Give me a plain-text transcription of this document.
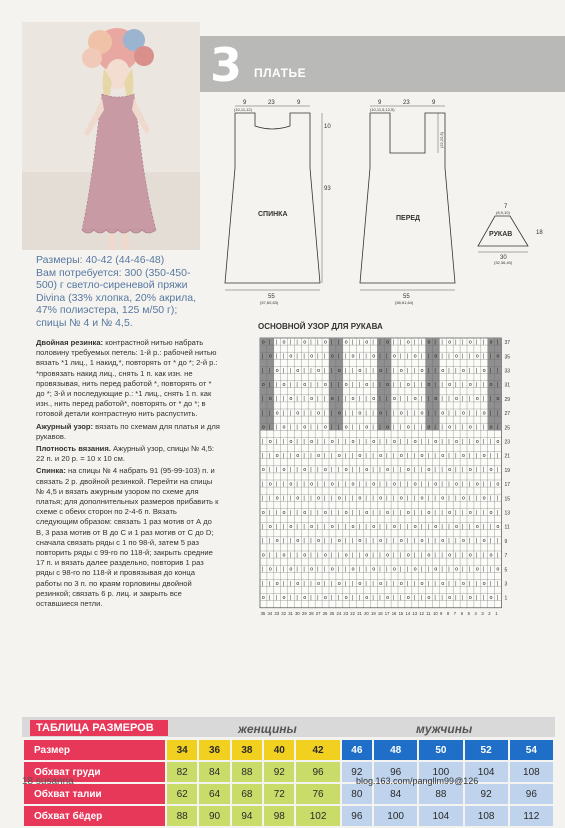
3 ПЛАТЬЕ
9	23	9
(10,11,12)
55
(57,60,63)
10
93
СПИНКА
9	23	9
(10,11,5,12,5)
55
(58,61,64)
(22,22,5)
ПЕРЕД
7
(8,9,10)
30
(32,36,40)
18
РУКАВ
Размеры: 40-42 (44-46-48)
Вам потребуется: 300 (350-450-
500) г светло-сиреневой пряжи
Divina (33% хлопка, 20% акрила,
47% полиэстера, 125 м/50 г);
спицы № 4 и № 4,5.

Двойная резинка: контрастной нитью набрать половину требуемых петель: 1-й р.: рабочей нитью вязать *1 лиц., 1 накид,*, повторять от * до *; 2-й р.: *провязать накид лиц., снять 1 п. как изн. не провязывая, нить перед работой *, повторять от * до *; 3-й и последующие р.: *1 лиц., снять 1 п. как изн., нить перед работой*, повторять от * до *; в готовой детали контрастную нить распустить.

Ажурный узор: вязать по схемам для платья и для рукавов.

Плотность вязания. Ажурный узор, спицы № 4,5: 22 п. и 20 р. = 10 х 10 см.

Спинка: на спицы № 4 набрать 91 (95-99-103) п. и связать 2 р. двойной резинкой. Перейти на спицы № 4,5 и вязать ажурным узором по схеме для платья; для дополнительных размеров прибавить к схеме с обеих сторон по 2-4-6 п. Вязать следующим образом: связать 1 раз мотив от А до В, 3 раза мотив от В до С и 1 раз мотив от С до D; сначала связать ряды с 1 по 98-й, затем 5 раз повторить ряды с 99-го по 118-й; закрыть средние 17 п. и вязать далее раздельно, повторив 1 раз ряды с 98-го по 118-й и провязывая до конца работы по 3 п. по краям горловины двойной резинкой; связать 6 р. лиц. и закрыть все оставшиеся петли.

ОСНОВНОЙ УЗОР ДЛЯ РУКАВА
o | | o | | o | | o | | o | | o | | o | | o | | o | | o | | o | | o |
| o | | o | | o | | o | | o | | o | | o | | o | | o | | o | | o | | o
| | o | | o | | o | | o | | o | | o | | o | | o | | o | | o | | o | |
o | | o | | o | | o | | o | | o | | o | | o | | o | | o | | o | | o |
| o | | o | | o | | o | | o | | o | | o | | o | | o | | o | | o | | o
| | o | | o | | o | | o | | o | | o | | o | | o | | o | | o | | o | |
o | | o | | o | | o | | o | | o | | o | | o | | o | | o | | o | | o |
| o | | o | | o | | o | | o | | o | | o | | o | | o | | o | | o | | o
| | o | | o | | o | | o | | o | | o | | o | | o | | o | | o | | o | |
o | | o | | o | | o | | o | | o | | o | | o | | o | | o | | o | | o |
| o | | o | | o | | o | | o | | o | | o | | o | | o | | o | | o | | o
| | o | | o | | o | | o | | o | | o | | o | | o | | o | | o | | o | |
o | | o | | o | | o | | o | | o | | o | | o | | o | | o | | o | | o |
| o | | o | | o | | o | | o | | o | | o | | o | | o | | o | | o | | o
| | o | | o | | o | | o | | o | | o | | o | | o | | o | | o | | o | |
o | | o | | o | | o | | o | | o | | o | | o | | o | | o | | o | | o |
| o | | o | | o | | o | | o | | o | | o | | o | | o | | o | | o | | o
| | o | | o | | o | | o | | o | | o | | o | | o | | o | | o | | o | |
o | | o | | o | | o | | o | | o | | o | | o | | o | | o | | o | | o |
37
35
33
31
29
27
25
23
21
19
17
15
13
11
9
7
5
3
1
35 34 33 32 31 30 29 28 27 26 25 24 23 22 21 20 19 18 17 16 15 14 13 12 11 10 9 8 7 6 5 4 3 2 1
ТАБЛИЦА РАЗМЕРОВ	женщины	мужчины
Размер	34	36	38	40	42	46	48	50	52	54
Обхват груди	82	84	88	92	96	92	96	100	104	108
Обхват талии	62	64	68	72	76	80	84	88	92	96
Обхват бёдер	88	90	94	98	102	96	100	104	108	112
18 susanna	blog.163.com/pangllm99@126
